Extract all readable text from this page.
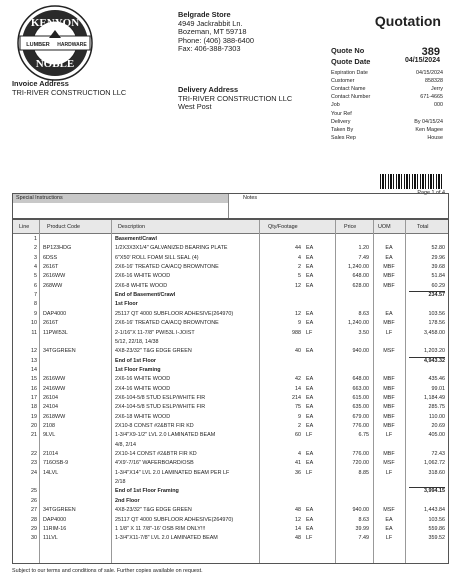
KENYON
NOBLE
LUMBER HARDWARE
Belgrade Store
4949 Jackrabbit Ln.
Bozeman, MT 59718
Phone: (406) 388-6400
Fax: 406-388-7303
Quotation
Quote No	389
Quote Date	04/15/2024
Expiration Date	04/15/2024
Customer	858328
Contact Name	Jerry
Contact Number	671-4665
Job	000
Your Ref
Delivery	By 04/15/24
Taken By	Ken Magee
Sales Rep	House
Invoice Address
TRI-RIVER CONSTRUCTION LLC	Delivery Address
TRI-RIVER CONSTRUCTION LLC
West Post
Page 1 of 4
Special Instructions	Notes
Line	Product Code	Description	Qty/Footage	Price	UOM	Total
1	Basement/Crawl
2 BP123HDG	1/2X3X3X1/4" GALVANIZED BEARING PLATE	44 EA	1.20	EA	52.80
3 6DSS	6"X50' ROLL FOAM SILL SEAL (4)	4 EA	7.49	EA	29.96
4 2616T	2X6-16' TREATED CA/ACQ BROWNTONE	2 EA	1,240.00	MBF	39.68
5 2616WW	2X6-16 WHITE WOOD	5 EA	648.00	MBF	51.84
6 268WW	2X6-8 WHITE WOOD	12 EA	628.00	MBF	60.29
7	End of Basement/Crawl	234.57
8	1st Floor
9 DAP4000	25117 QT 4000 SUBFLOOR ADHESIVE(264970)	12 EA	8.63	EA	103.56
10 2616T	2X6-16' TREATED CA/ACQ BROWNTONE	9 EA	1,240.00	MBF	178.56
11 11PWI53L	2-1/16"X 11-7/8" PWI53L I-JOIST	988 LF	3.50	LF	3,458.00
5/12, 22/18, 14/38
12 34TGGREEN	4X8-23/32" T&G EDGE GREEN	40 EA	940.00	MSF	1,203.20
13	End of 1st Floor	4,943.32
14	1st Floor Framing
15 2616WW	2X6-16 WHITE WOOD	42 EA	648.00	MBF	435.46
16 2416WW	2X4-16 WHITE WOOD	14 EA	663.00	MBF	99.01
17 26104	2X6-104-5/8 STUD ESLP/WHITE FIR	214 EA	615.00	MBF	1,184.49
18 24104	2X4-104-5/8 STUD ESLP/WHITE FIR	75 EA	635.00	MBF	285.75
19 2618WW	2X6-18 WHITE WOOD	9 EA	679.00	MBF	110.00
20 2108	2X10-8 CONST #2&BTR FIR KD	2 EA	776.00	MBF	20.69
21 9LVL	1-3/4"X9-1/2" LVL 2.0 LAMINATED BEAM	60 LF	6.75	LF	405.00
4/8, 2/14
22 21014	2X10-14 CONST #2&BTR FIR KD	4 EA	776.00	MBF	72.43
23 716OSB-9	4'X9'-7/16" WAFERBOARD/OSB	41 EA	720.00	MSF	1,062.72
24 14LVL	1-3/4"X14" LVL 2.0 LAMINATED BEAM PER LF	36 LF	8.85	LF	318.60
2/18
25	End of 1st Floor Framing	3,994.15
26	2nd Floor
27 34TGGREEN	4X8-23/32" T&G EDGE GREEN	48 EA	940.00	MSF	1,443.84
28 DAP4000	25117 QT 4000 SUBFLOOR ADHESIVE(264970)	12 EA	8.63	EA	103.56
29 11RIM-16	1 1/8" X 11 7/8"-16' OSB RIM ONLY!!!	14 EA	39.99	EA	559.86
30 11LVL	1-3/4"X11-7/8" LVL 2.0 LAMINATED BEAM	48 LF	7.49	LF	359.52
Subject to our terms and conditions of sale. Further copies available on request.
